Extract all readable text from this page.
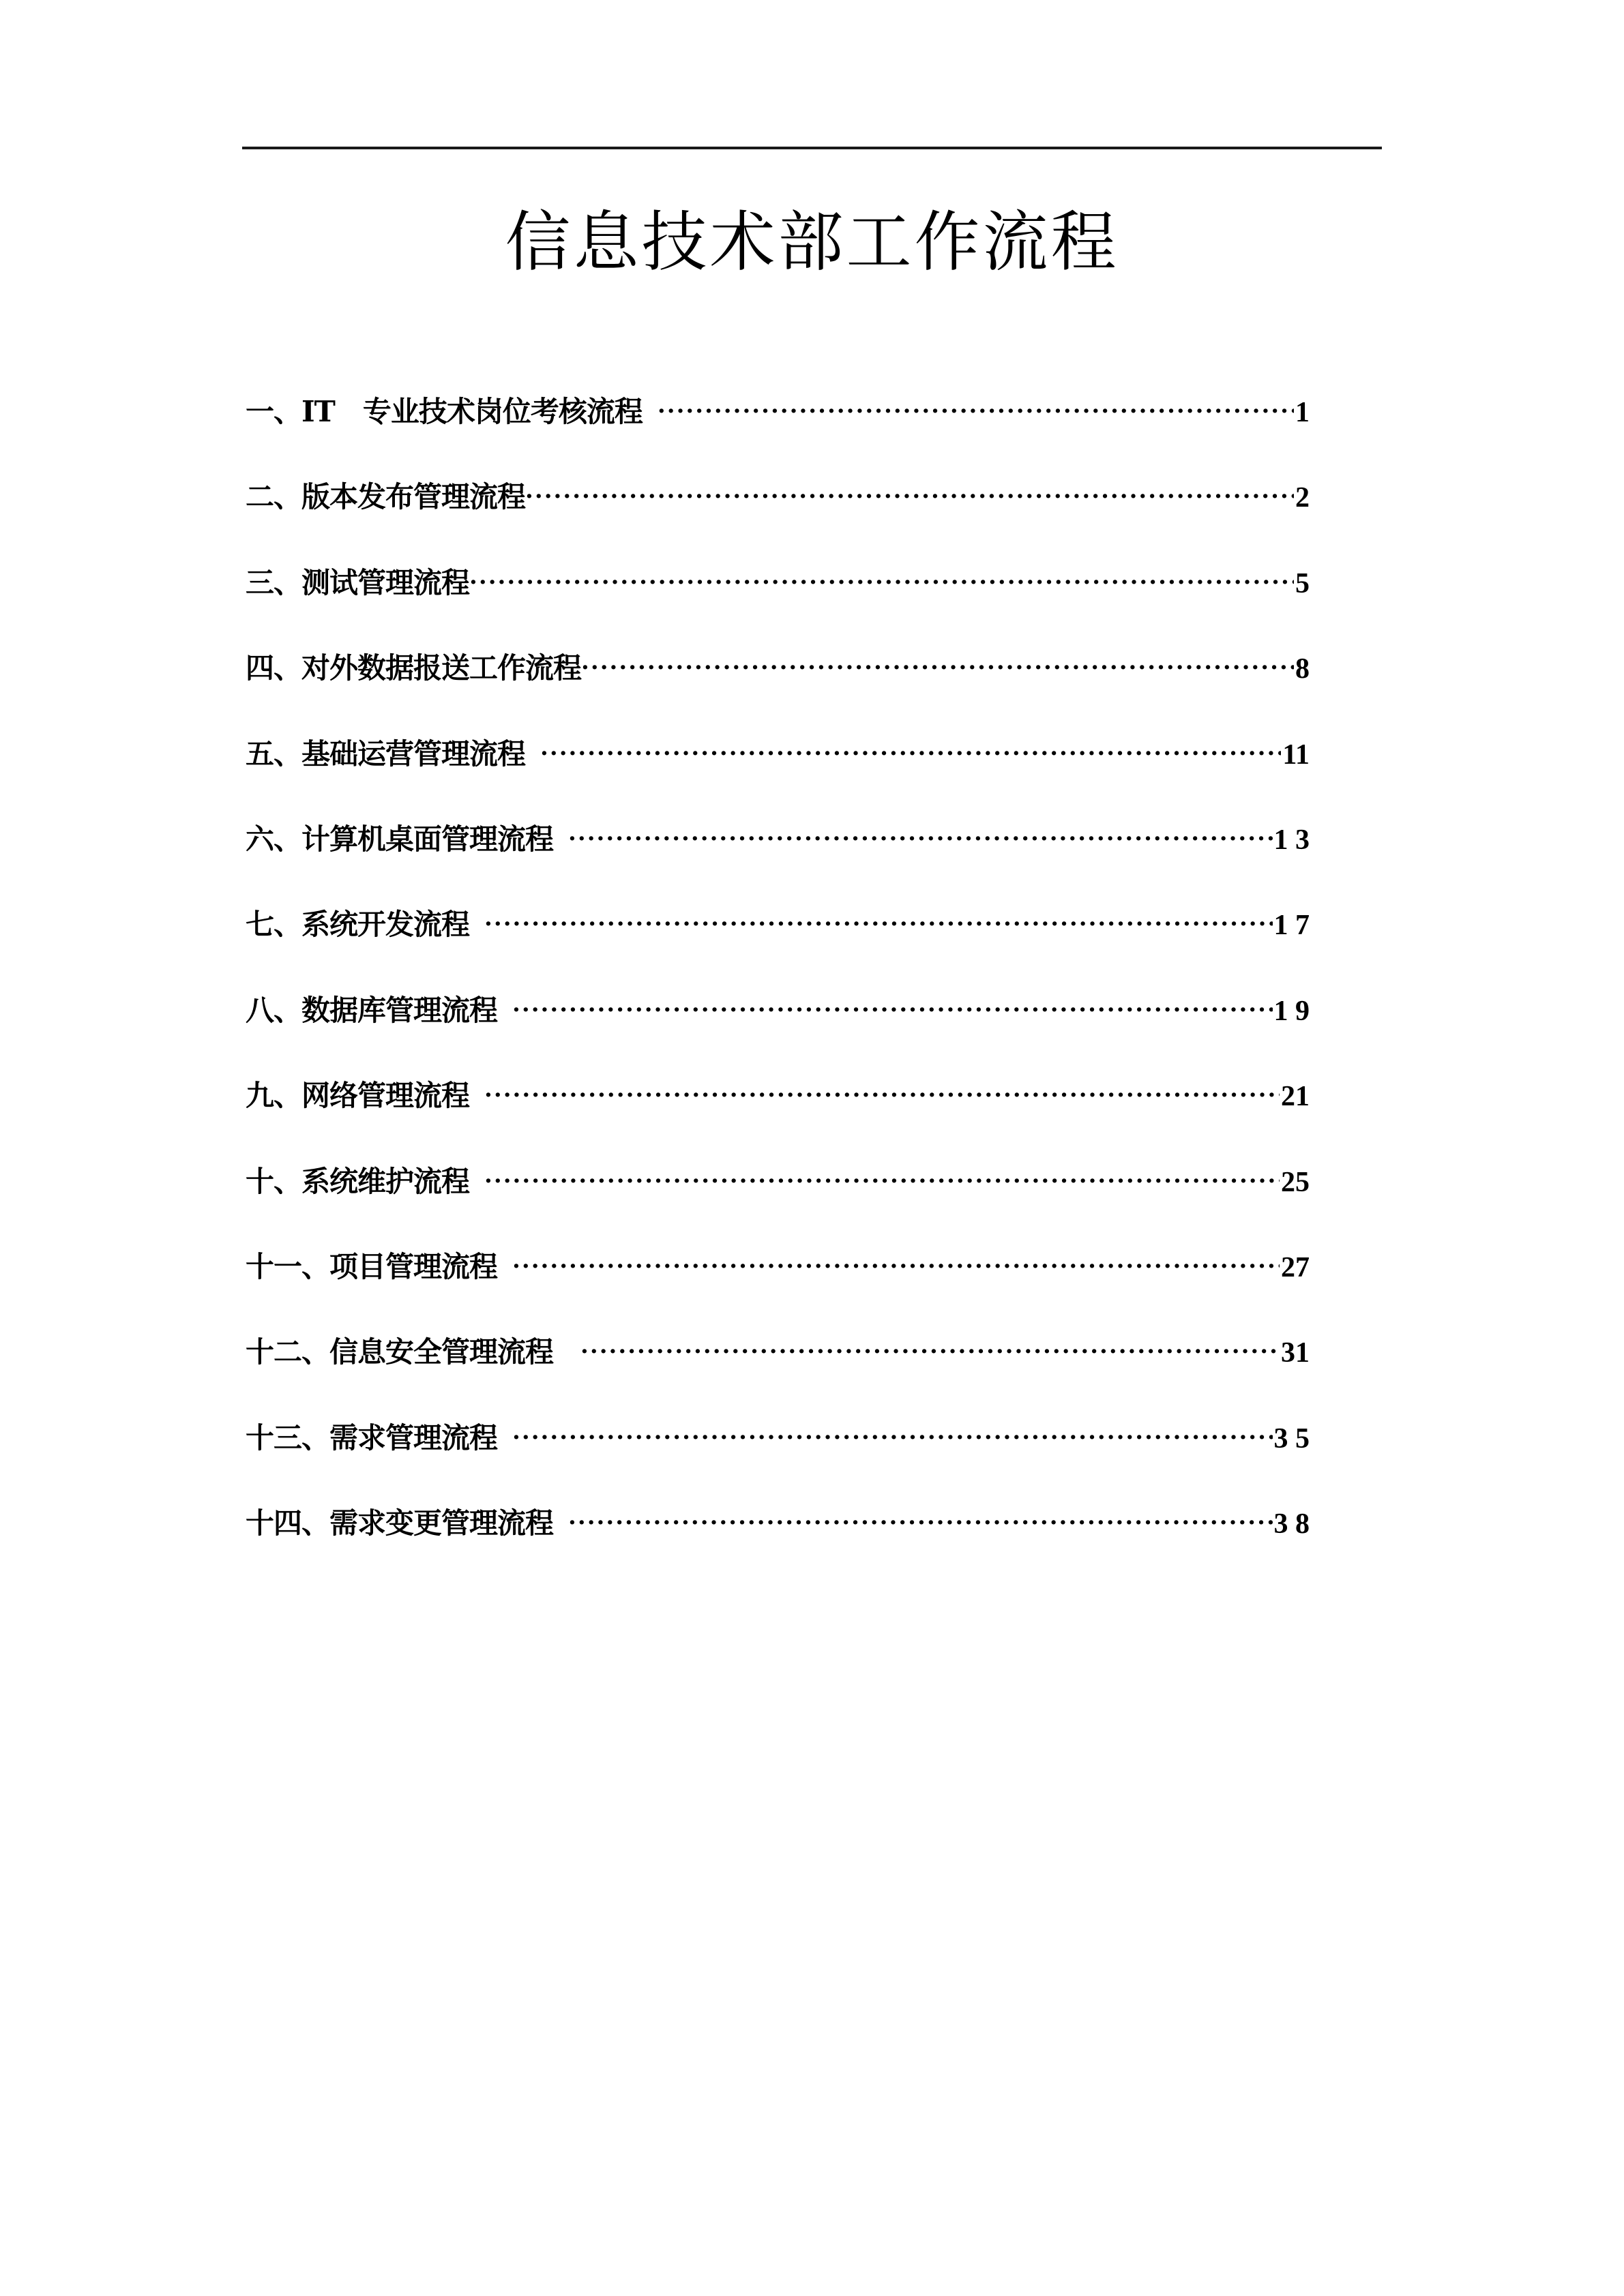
信息技术部工作流程
一、IT　专业技术岗位考核流程 ·····	1
二、版本发布管理流程 ·····	2
三、测试管理流程 ·····	5
四、对外数据报送工作流程 ·····	8
五、基础运营管理流程 ·····	11
六、计算机桌面管理流程 ·····	1 3
七、系统开发流程 ·····	1 7
八、数据库管理流程 ·····	1 9
九、网络管理流程 ·····	21
十、系统维护流程 ·····	25
十一、项目管理流程 ·····	27
十二、信息安全管理流程 ·····	31
十三、需求管理流程 ·····	3 5
十四、需求变更管理流程 ·····	3 8
